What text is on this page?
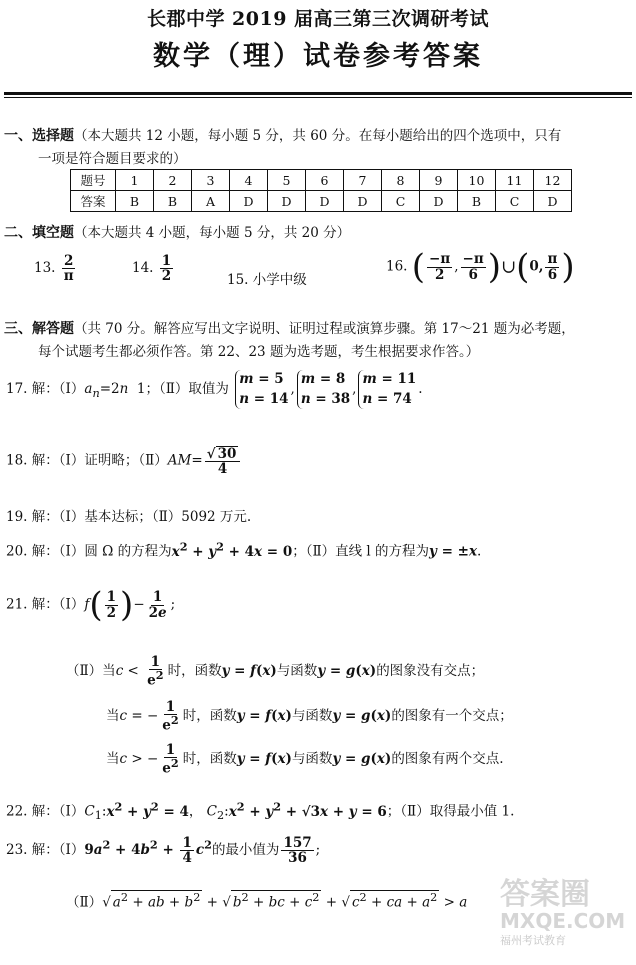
长郡中学 2019 届高三第三次调研考试
数学（理）试卷参考答案
一、选择题（本大题共 12 小题，每小题 5 分，共 60 分。在每小题给出的四个选项中，只有
一项是符合题目要求的）
题号	1	2	3	4	5	6	7	8	9	10	11	12
答案	B	B	A	D	D	D	D	C	D	B	C	D
二、填空题（本大题共 4 小题，每小题 5 分，共 20 分）
13. $\frac{2}{\pi}$	14. $\frac{1}{2}$	15. 小学中级
16. ( $\frac{-\pi}{2}$ , $\frac{-\pi}{6}$ )∪(0, $\frac{\pi}{6}$ )
三、解答题（共 70 分。解答应写出文字说明、证明过程或演算步骤。第 17～21 题为必考题，
每个试题考生都必须作答。第 22、23 题为选考题，考生根据要求作答。）
17. 解：$(Ⅰ)a_n=2n$  1；（Ⅱ）取值为 m = 5
n = 14,m = 8
n = 38,m = 11
n = 74.
18. 解：（Ⅰ）证明略；（Ⅱ）AM= $\frac{√ 30}{4}$
19. 解：（Ⅰ）基本达标；（Ⅱ）5092 万元.
20. 解：（Ⅰ）圆 Ω 的方程为$x^2 + y^2 + 4x = 0$；（Ⅱ）直线 l 的方程为y = ±x.
21. 解：（Ⅰ）f( $\frac{1}{2}$ )− $\frac{1}{2e}$ ;
（Ⅱ）当$c < \frac{1}{e^2}$ 时，函数y = f(x)与函数y = g(x)的图象没有交点；
当c = − $\frac{1}{e^2}$ 时，函数y = f(x)与函数y = g(x)的图象有一个交点；
当c > − $\frac{1}{e^2}$ 时，函数y = f(x)与函数y = g(x)的图象有两个交点.
22. 解：$(Ⅰ)C_1:x^2 + y^2 = 4$， $C_2:x^2 + y^2 + √3x + y = 6$；（Ⅱ）取得最小值 1.
23. 解：$(Ⅰ)9a^2 + 4b^2 + \frac{1}{4} c^2$的最小值为 $\frac{157}{36}$ ;
（Ⅱ）√ $a^2$ + ab + $b^2$ + √ $b^2$ + bc + $c^2$ + √ $c^2$ + ca + $a^2 > a$ 答案圈
MXQE.COM
福州考试教育
